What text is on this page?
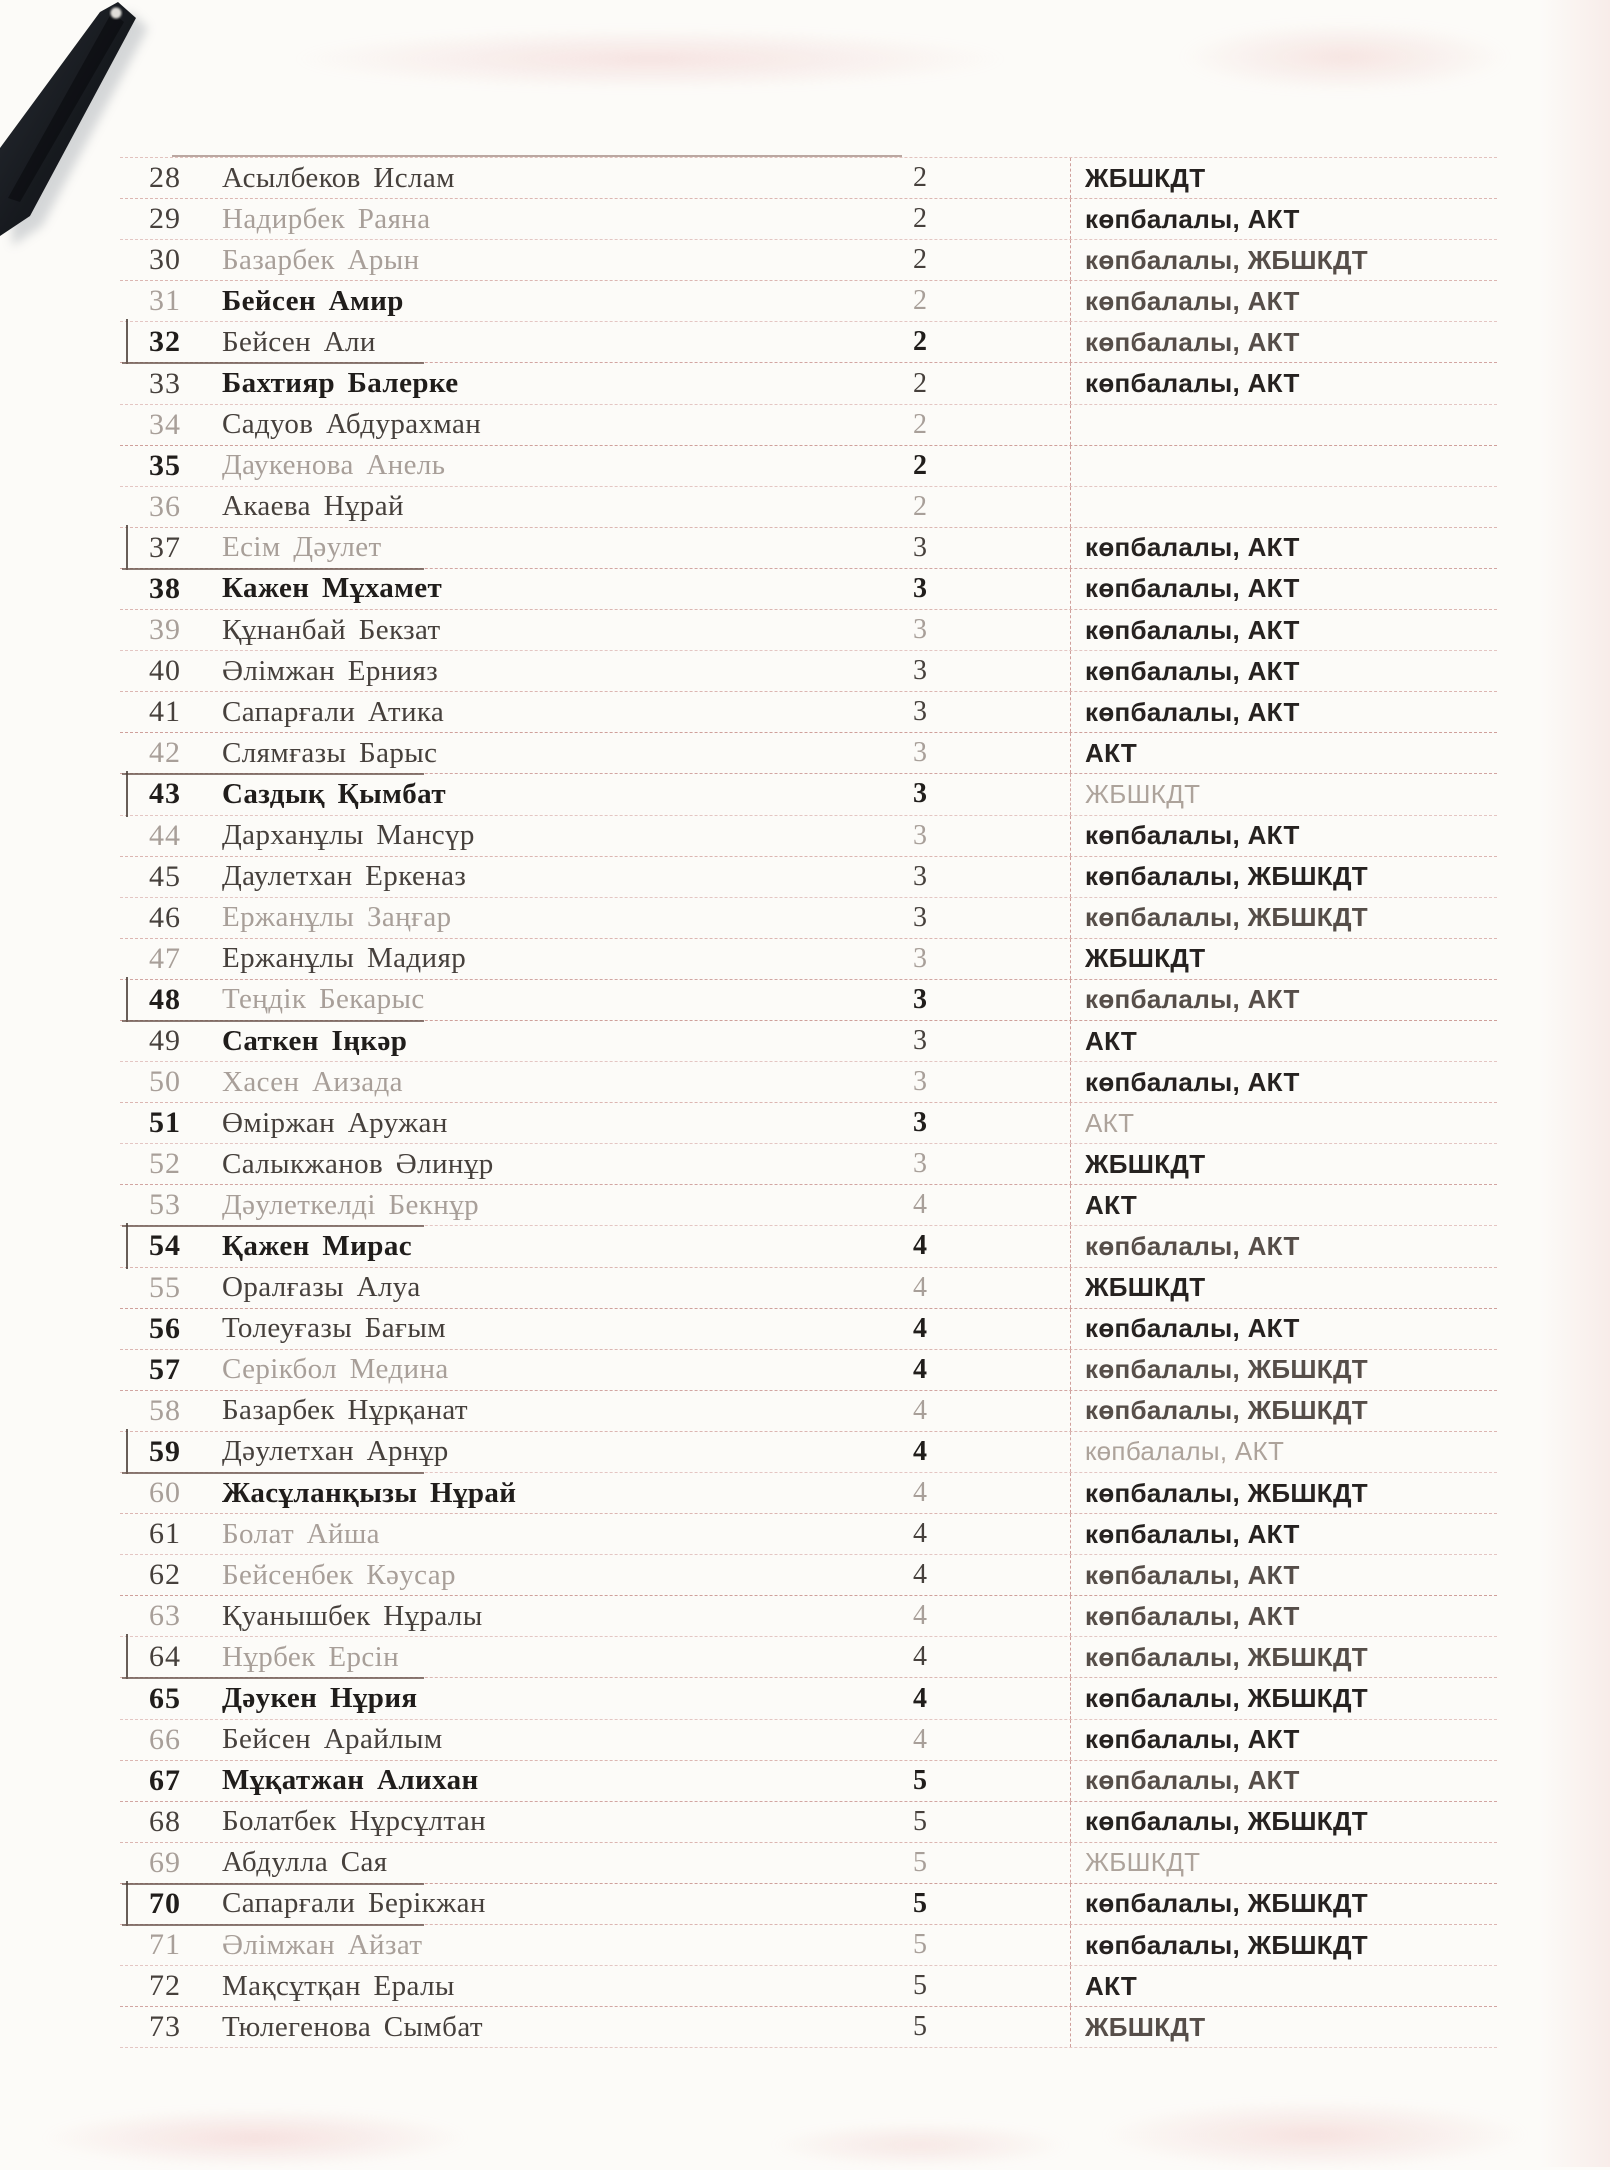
28	Асылбеков Ислам	2	ЖБШКДТ
29	Надирбек Раяна	2	көпбалалы, АКТ
30	Базарбек Арын	2	көпбалалы, ЖБШКДТ
31	Бейсен Амир	2	көпбалалы, АКТ
32	Бейсен Али	2	көпбалалы, АКТ
33	Бахтияр Балерке	2	көпбалалы, АКТ
34	Садуов Абдурахман	2
35	Даукенова Анель	2
36	Акаева Нұрай	2
37	Есім Дәулет	3	көпбалалы, АКТ
38	Кажен Мұхамет	3	көпбалалы, АКТ
39	Құнанбай Бекзат	3	көпбалалы, АКТ
40	Әлімжан Ернияз	3	көпбалалы, АКТ
41	Сапарғали Атика	3	көпбалалы, АКТ
42	Слямғазы Барыс	3	АКТ
43	Саздық Қымбат	3	ЖБШКДТ
44	Дарханұлы Мансүр	3	көпбалалы, АКТ
45	Даулетхан Еркеназ	3	көпбалалы, ЖБШКДТ
46	Ержанұлы Заңғар	3	көпбалалы, ЖБШКДТ
47	Ержанұлы Мадияр	3	ЖБШКДТ
48	Теңдік Бекарыс	3	көпбалалы, АКТ
49	Саткен Іңкәр	3	АКТ
50	Хасен Аизада	3	көпбалалы, АКТ
51	Өміржан Аружан	3	АКТ
52	Салыкжанов Әлинұр	3	ЖБШКДТ
53	Дәулеткелді Бекнұр	4	АКТ
54	Қажен Мирас	4	көпбалалы, АКТ
55	Оралғазы Алуа	4	ЖБШКДТ
56	Толеуғазы Бағым	4	көпбалалы, АКТ
57	Серікбол Медина	4	көпбалалы, ЖБШКДТ
58	Базарбек Нұрқанат	4	көпбалалы, ЖБШКДТ
59	Дәулетхан Арнұр	4	көпбалалы, АКТ
60	Жасұланқызы Нұрай	4	көпбалалы, ЖБШКДТ
61	Болат Айша	4	көпбалалы, АКТ
62	Бейсенбек Кәусар	4	көпбалалы, АКТ
63	Қуанышбек Нұралы	4	көпбалалы, АКТ
64	Нұрбек Ерсін	4	көпбалалы, ЖБШКДТ
65	Дәукен Нұрия	4	көпбалалы, ЖБШКДТ
66	Бейсен Арайлым	4	көпбалалы, АКТ
67	Мұқатжан Алихан	5	көпбалалы, АКТ
68	Болатбек Нұрсұлтан	5	көпбалалы, ЖБШКДТ
69	Абдулла Сая	5	ЖБШКДТ
70	Сапарғали Берікжан	5	көпбалалы, ЖБШКДТ
71	Әлімжан Айзат	5	көпбалалы, ЖБШКДТ
72	Мақсұтқан Ералы	5	АКТ
73	Тюлегенова Сымбат	5	ЖБШКДТ
